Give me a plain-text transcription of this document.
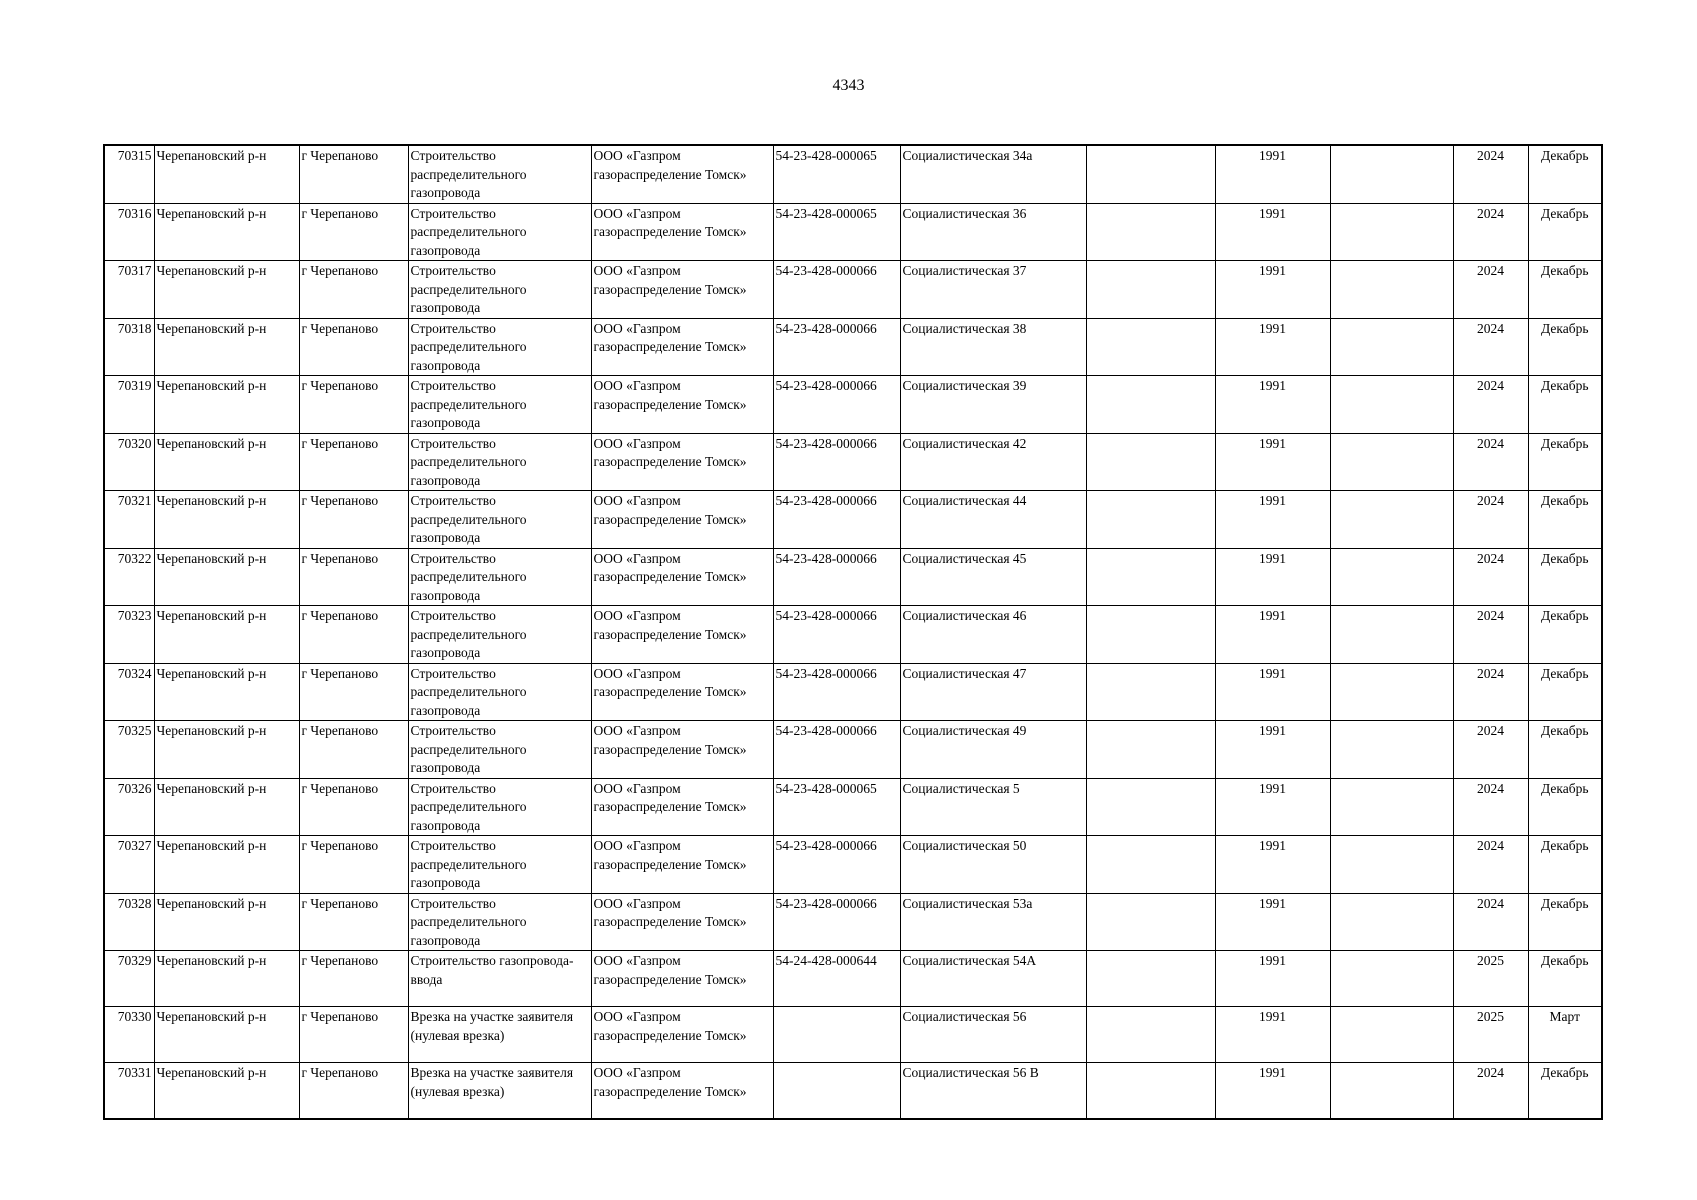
4343
70315	Черепановский р-н	г Черепаново	Строительство распределительного газопровода	ООО «Газпром газораспределение Томск»	54-23-428-000065	Социалистическая 34а		1991		2024	Декабрь
70316	Черепановский р-н	г Черепаново	Строительство распределительного газопровода	ООО «Газпром газораспределение Томск»	54-23-428-000065	Социалистическая 36		1991		2024	Декабрь
70317	Черепановский р-н	г Черепаново	Строительство распределительного газопровода	ООО «Газпром газораспределение Томск»	54-23-428-000066	Социалистическая 37		1991		2024	Декабрь
70318	Черепановский р-н	г Черепаново	Строительство распределительного газопровода	ООО «Газпром газораспределение Томск»	54-23-428-000066	Социалистическая 38		1991		2024	Декабрь
70319	Черепановский р-н	г Черепаново	Строительство распределительного газопровода	ООО «Газпром газораспределение Томск»	54-23-428-000066	Социалистическая 39		1991		2024	Декабрь
70320	Черепановский р-н	г Черепаново	Строительство распределительного газопровода	ООО «Газпром газораспределение Томск»	54-23-428-000066	Социалистическая 42		1991		2024	Декабрь
70321	Черепановский р-н	г Черепаново	Строительство распределительного газопровода	ООО «Газпром газораспределение Томск»	54-23-428-000066	Социалистическая 44		1991		2024	Декабрь
70322	Черепановский р-н	г Черепаново	Строительство распределительного газопровода	ООО «Газпром газораспределение Томск»	54-23-428-000066	Социалистическая 45		1991		2024	Декабрь
70323	Черепановский р-н	г Черепаново	Строительство распределительного газопровода	ООО «Газпром газораспределение Томск»	54-23-428-000066	Социалистическая 46		1991		2024	Декабрь
70324	Черепановский р-н	г Черепаново	Строительство распределительного газопровода	ООО «Газпром газораспределение Томск»	54-23-428-000066	Социалистическая 47		1991		2024	Декабрь
70325	Черепановский р-н	г Черепаново	Строительство распределительного газопровода	ООО «Газпром газораспределение Томск»	54-23-428-000066	Социалистическая 49		1991		2024	Декабрь
70326	Черепановский р-н	г Черепаново	Строительство распределительного газопровода	ООО «Газпром газораспределение Томск»	54-23-428-000065	Социалистическая 5		1991		2024	Декабрь
70327	Черепановский р-н	г Черепаново	Строительство распределительного газопровода	ООО «Газпром газораспределение Томск»	54-23-428-000066	Социалистическая 50		1991		2024	Декабрь
70328	Черепановский р-н	г Черепаново	Строительство распределительного газопровода	ООО «Газпром газораспределение Томск»	54-23-428-000066	Социалистическая 53а		1991		2024	Декабрь
70329	Черепановский р-н	г Черепаново	Строительство газопровода-ввода	ООО «Газпром газораспределение Томск»	54-24-428-000644	Социалистическая 54А		1991		2025	Декабрь
70330	Черепановский р-н	г Черепаново	Врезка на участке заявителя (нулевая врезка)	ООО «Газпром газораспределение Томск»		Социалистическая 56		1991		2025	Март
70331	Черепановский р-н	г Черепаново	Врезка на участке заявителя (нулевая врезка)	ООО «Газпром газораспределение Томск»		Социалистическая 56 В		1991		2024	Декабрь
